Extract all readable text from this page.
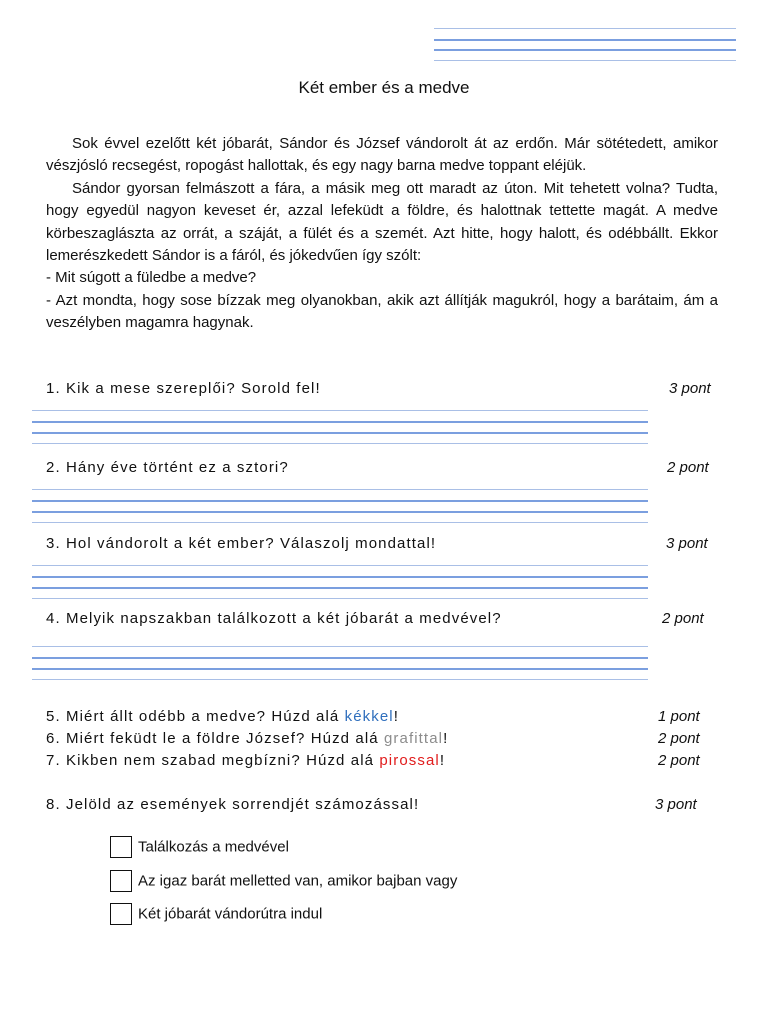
Két ember és a medve

Sok évvel ezelőtt két jóbarát, Sándor és József vándorolt át az erdőn. Már sötétedett, amikor vészjósló recsegést, ropogást hallottak, és egy nagy barna medve toppant eléjük.

Sándor gyorsan felmászott a fára, a másik meg ott maradt az úton. Mit tehetett volna? Tudta, hogy egyedül nagyon keveset ér, azzal lefeküdt a földre, és halottnak tettette magát. A medve körbeszaglászta az orrát, a száját, a fülét és a szemét. Azt hitte, hogy halott, és odébbállt. Ekkor lemerészkedett Sándor is a fáról, és jókedvűen így szólt:

- Mit súgott a füledbe a medve?

- Azt mondta, hogy sose bízzak meg olyanokban, akik azt állítják magukról, hogy a barátaim, ám a veszélyben magamra hagynak.

1. Kik a mese szereplői? Sorold fel!	3 pont
2. Hány éve történt ez a sztori?	2 pont
3. Hol vándorolt a két ember? Válaszolj mondattal!	3 pont
4. Melyik napszakban találkozott a két jóbarát a medvével?	2 pont
5. Miért állt odébb a medve? Húzd alá kékkel!	1 pont
6. Miért feküdt le a földre József? Húzd alá grafittal!	2 pont
7. Kikben nem szabad megbízni? Húzd alá pirossal!	2 pont
8. Jelöld az események sorrendjét számozással!	3 pont
Találkozás a medvével
Az igaz barát melletted van, amikor bajban vagy
Két jóbarát vándorútra indul
